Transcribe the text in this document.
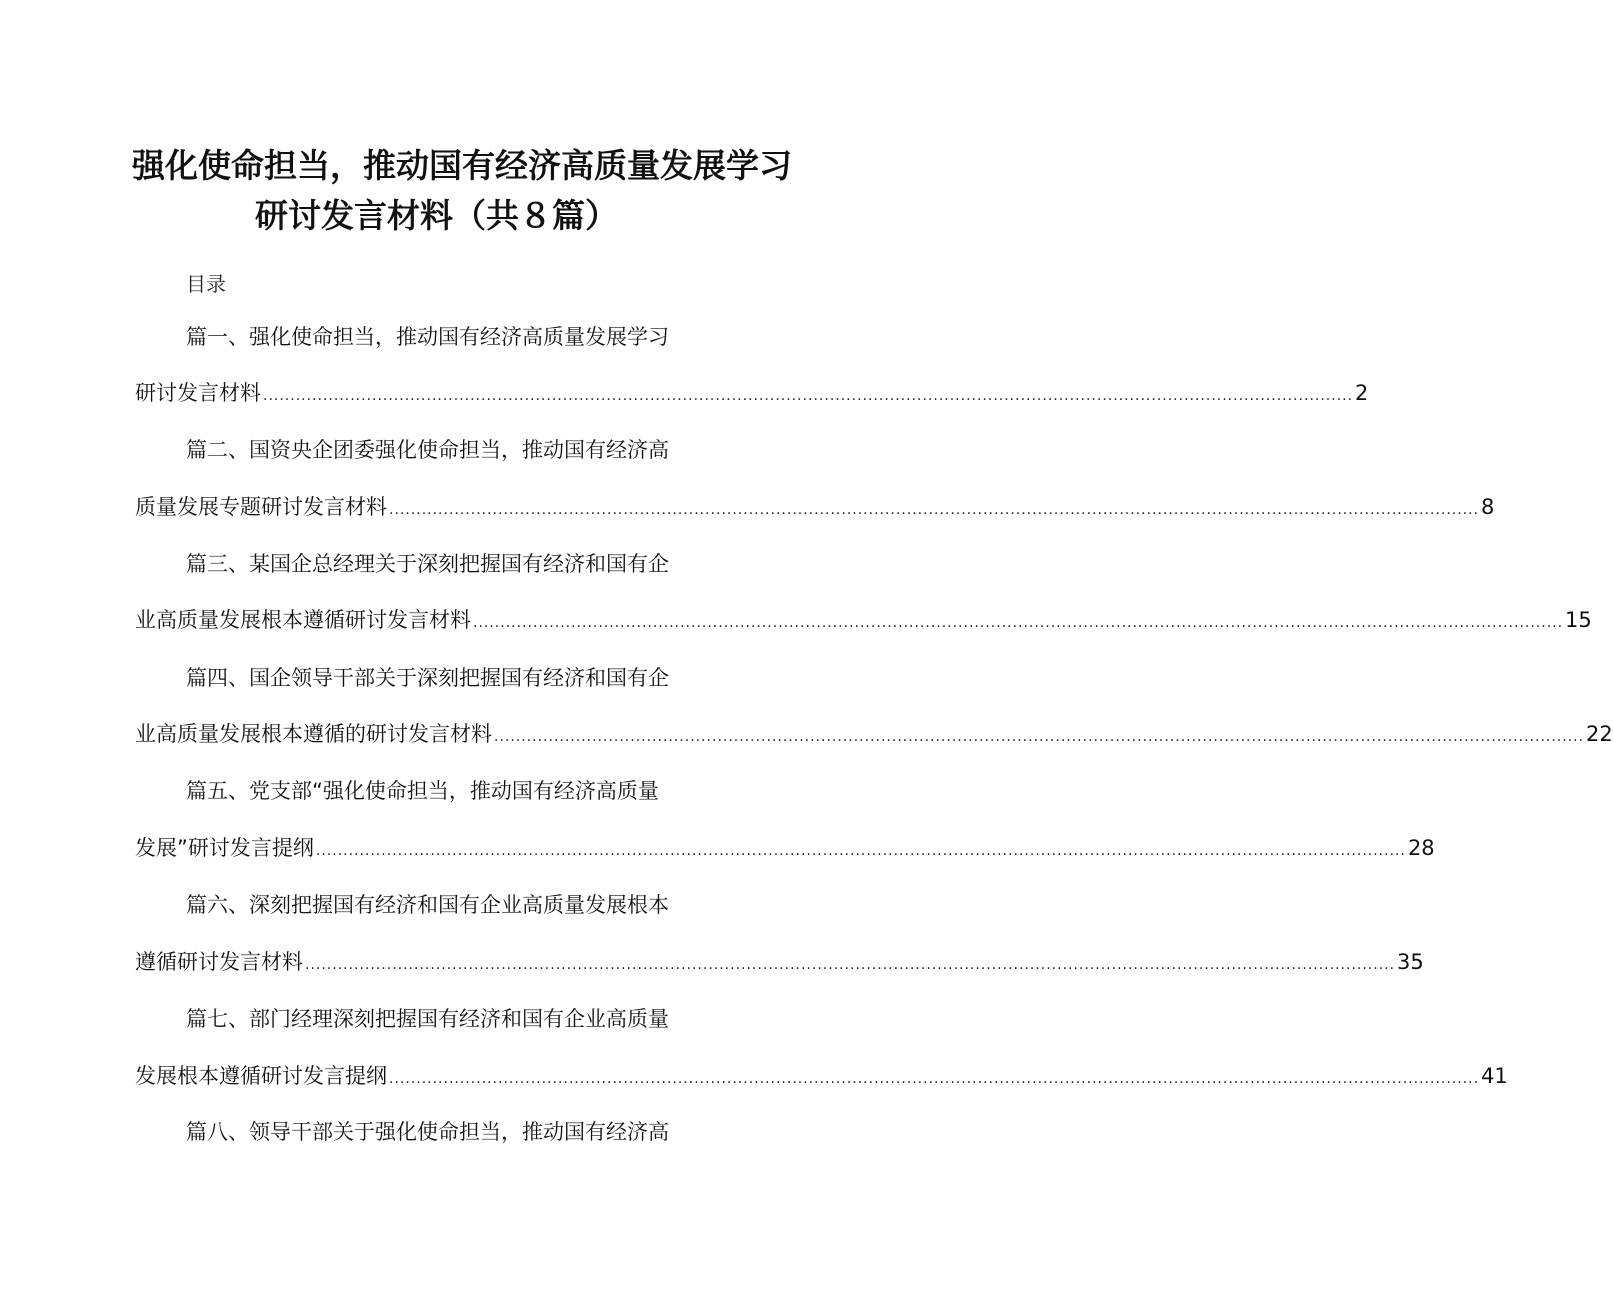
强化使命担当，推动国有经济高质量发展学习
研讨发言材料（共８篇）
目录
篇一、强化使命担当，推动国有经济高质量发展学习
研讨发言材料 ........................................................................................................................................................................................................ 2
篇二、国资央企团委强化使命担当，推动国有经济高
质量发展专题研讨发言材料 ........................................................................................................................................................................................................ 8
篇三、某国企总经理关于深刻把握国有经济和国有企
业高质量发展根本遵循研讨发言材料 ........................................................................................................................................................................................................ 15
篇四、国企领导干部关于深刻把握国有经济和国有企
业高质量发展根本遵循的研讨发言材料 ........................................................................................................................................................................................................ 22
篇五、党支部“强化使命担当，推动国有经济高质量
发展”研讨发言提纲 ........................................................................................................................................................................................................ 28
篇六、深刻把握国有经济和国有企业高质量发展根本
遵循研讨发言材料 ........................................................................................................................................................................................................ 35
篇七、部门经理深刻把握国有经济和国有企业高质量
发展根本遵循研讨发言提纲 ........................................................................................................................................................................................................ 41
篇八、领导干部关于强化使命担当，推动国有经济高
